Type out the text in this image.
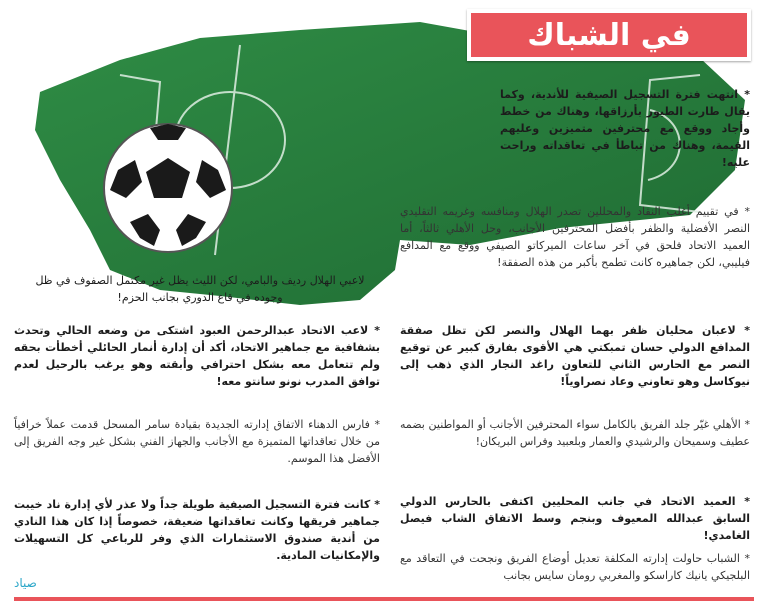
في الشباك

لاعبي الهلال رديف والبامي، لكن الليث يظل غير مكتمل الصفوف في ظل وجوده في قاع الدوري بجانب الحزم!

* انتهت فترة التسجيل الصيفية للأندية، وكما يقال طارت الطيور بأرزاقها، وهناك من خطط وأجاد ووقع مع محترفين متميزين وعليهم القيمة، وهناك من تباطأ في تعاقداته وراحت عليه!

* في تقييم أغلب النقاد والمحللين تصدر الهلال ومنافسه وغريمه التقليدي النصر الأفضلية والظفر بأفضل المحترفين الأجانب، وحل الأهلي ثالثاً، أما العميد الاتحاد فلحق في آخر ساعات الميركاتو الصيفي ووقع مع المدافع فيليبي، لكن جماهيره كانت تطمح بأكبر من هذه الصفقة!

* لاعبان محليان ظفر بهما الهلال والنصر لكن تظل صفقة المدافع الدولي حسان تمبكتي هي الأقوى بفارق كبير عن توقيع النصر مع الحارس الثاني للتعاون راغد النجار الذي ذهب إلى نيوكاسل وهو تعاوني وعاد نصراوياً!

* الأهلي غيّر جلد الفريق بالكامل سواء المحترفين الأجانب أو المواطنين بضمه عطيف وسميحان والرشيدي والعمار وبلعبيد وفراس البريكان!

* العميد الاتحاد في جانب المحليين اكتفى بالحارس الدولي السابق عبدالله المعيوف وبنجم وسط الاتفاق الشاب فيصل الغامدي!

* الشباب حاولت إدارته المكلفة تعديل أوضاع الفريق ونجحت في التعاقد مع البلجيكي يانيك كاراسكو والمغربي رومان سايس بجانب

* لاعب الاتحاد عبدالرحمن العبود اشتكى من وضعه الحالي وتحدث بشفافية مع جماهير الاتحاد، أكد أن إدارة أنمار الحائلي أخطأت بحقه ولم تتعامل معه بشكل احترافي وأبقته وهو يرغب بالرحيل لعدم توافق المدرب نونو سانتو معه!

* فارس الدهناء الاتفاق إدارته الجديدة بقيادة سامر المسحل قدمت عملاً خرافياً من خلال تعاقداتها المتميزة مع الأجانب والجهاز الفني بشكل غير وجه الفريق إلى الأفضل هذا الموسم.

* كانت فترة التسجيل الصيفية طويلة جداً ولا عذر لأي إدارة ناد خيبت جماهير فريقها وكانت تعاقداتها ضعيفة، خصوصاً إذا كان هذا النادي من أندية صندوق الاستثمارات الذي وفر للرباعي كل التسهيلات والإمكانيات المادية.

صياد
